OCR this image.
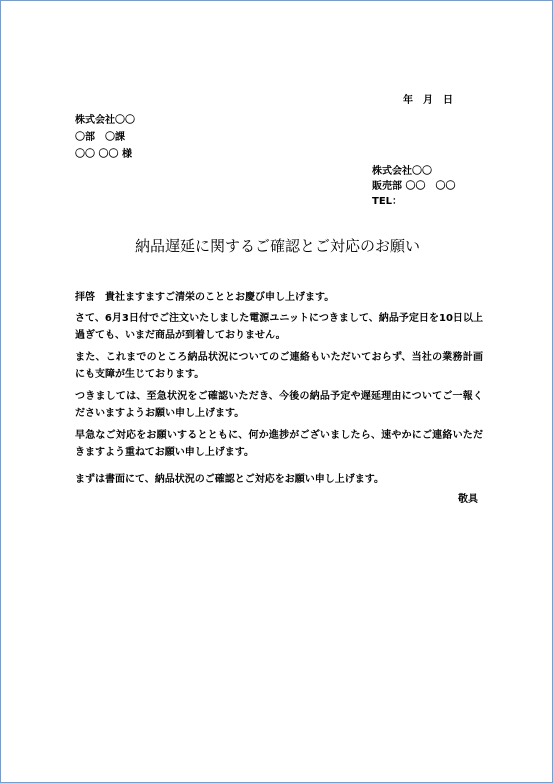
年　月　日
株式会社〇〇
〇部　〇課
〇〇 〇〇 様
株式会社〇〇
販売部 〇〇　〇〇
TEL：
納品遅延に関するご確認とご対応のお願い
拝啓　貴社ますますご清栄のこととお慶び申し上げます。
さて、6月3日付でご注文いたしました電源ユニットにつきまして、納品予定日を10日以上過ぎても、いまだ商品が到着しておりません。
また、これまでのところ納品状況についてのご連絡もいただいておらず、当社の業務計画にも支障が生じております。
つきましては、至急状況をご確認いただき、今後の納品予定や遅延理由についてご一報くださいますようお願い申し上げます。
早急なご対応をお願いするとともに、何か進捗がございましたら、速やかにご連絡いただきますよう重ねてお願い申し上げます。
まずは書面にて、納品状況のご確認とご対応をお願い申し上げます。
敬具
